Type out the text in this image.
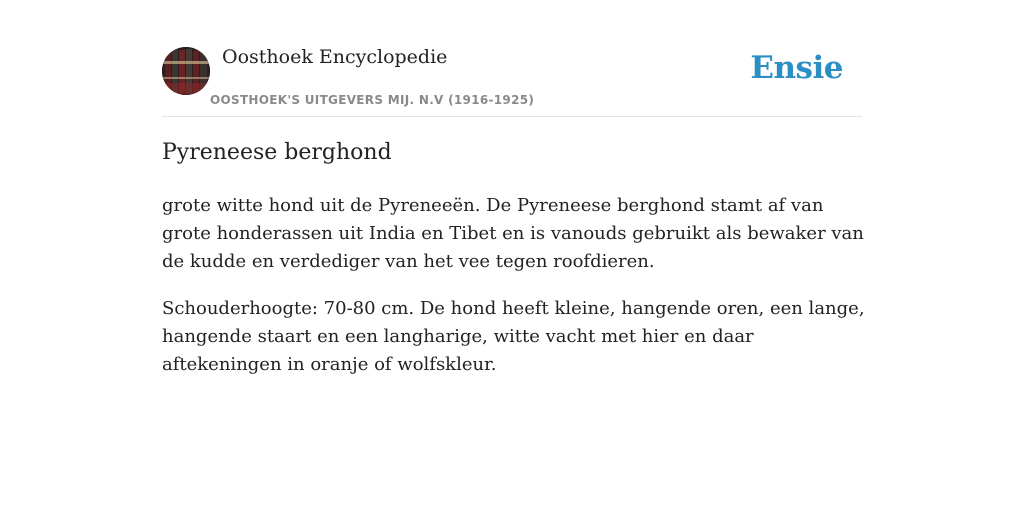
Oosthoek Encyclopedie
OOSTHOEK'S UITGEVERS MIJ. N.V (1916-1925)
Ensie
Pyreneese berghond

grote witte hond uit de Pyreneeën. De Pyreneese berghond stamt af van grote honderassen uit India en Tibet en is vanouds gebruikt als bewaker van de kudde en verdediger van het vee tegen roofdieren.

Schouderhoogte: 70-80 cm. De hond heeft kleine, hangende oren, een lange, hangende staart en een langharige, witte vacht met hier en daar aftekeningen in oranje of wolfskleur.
